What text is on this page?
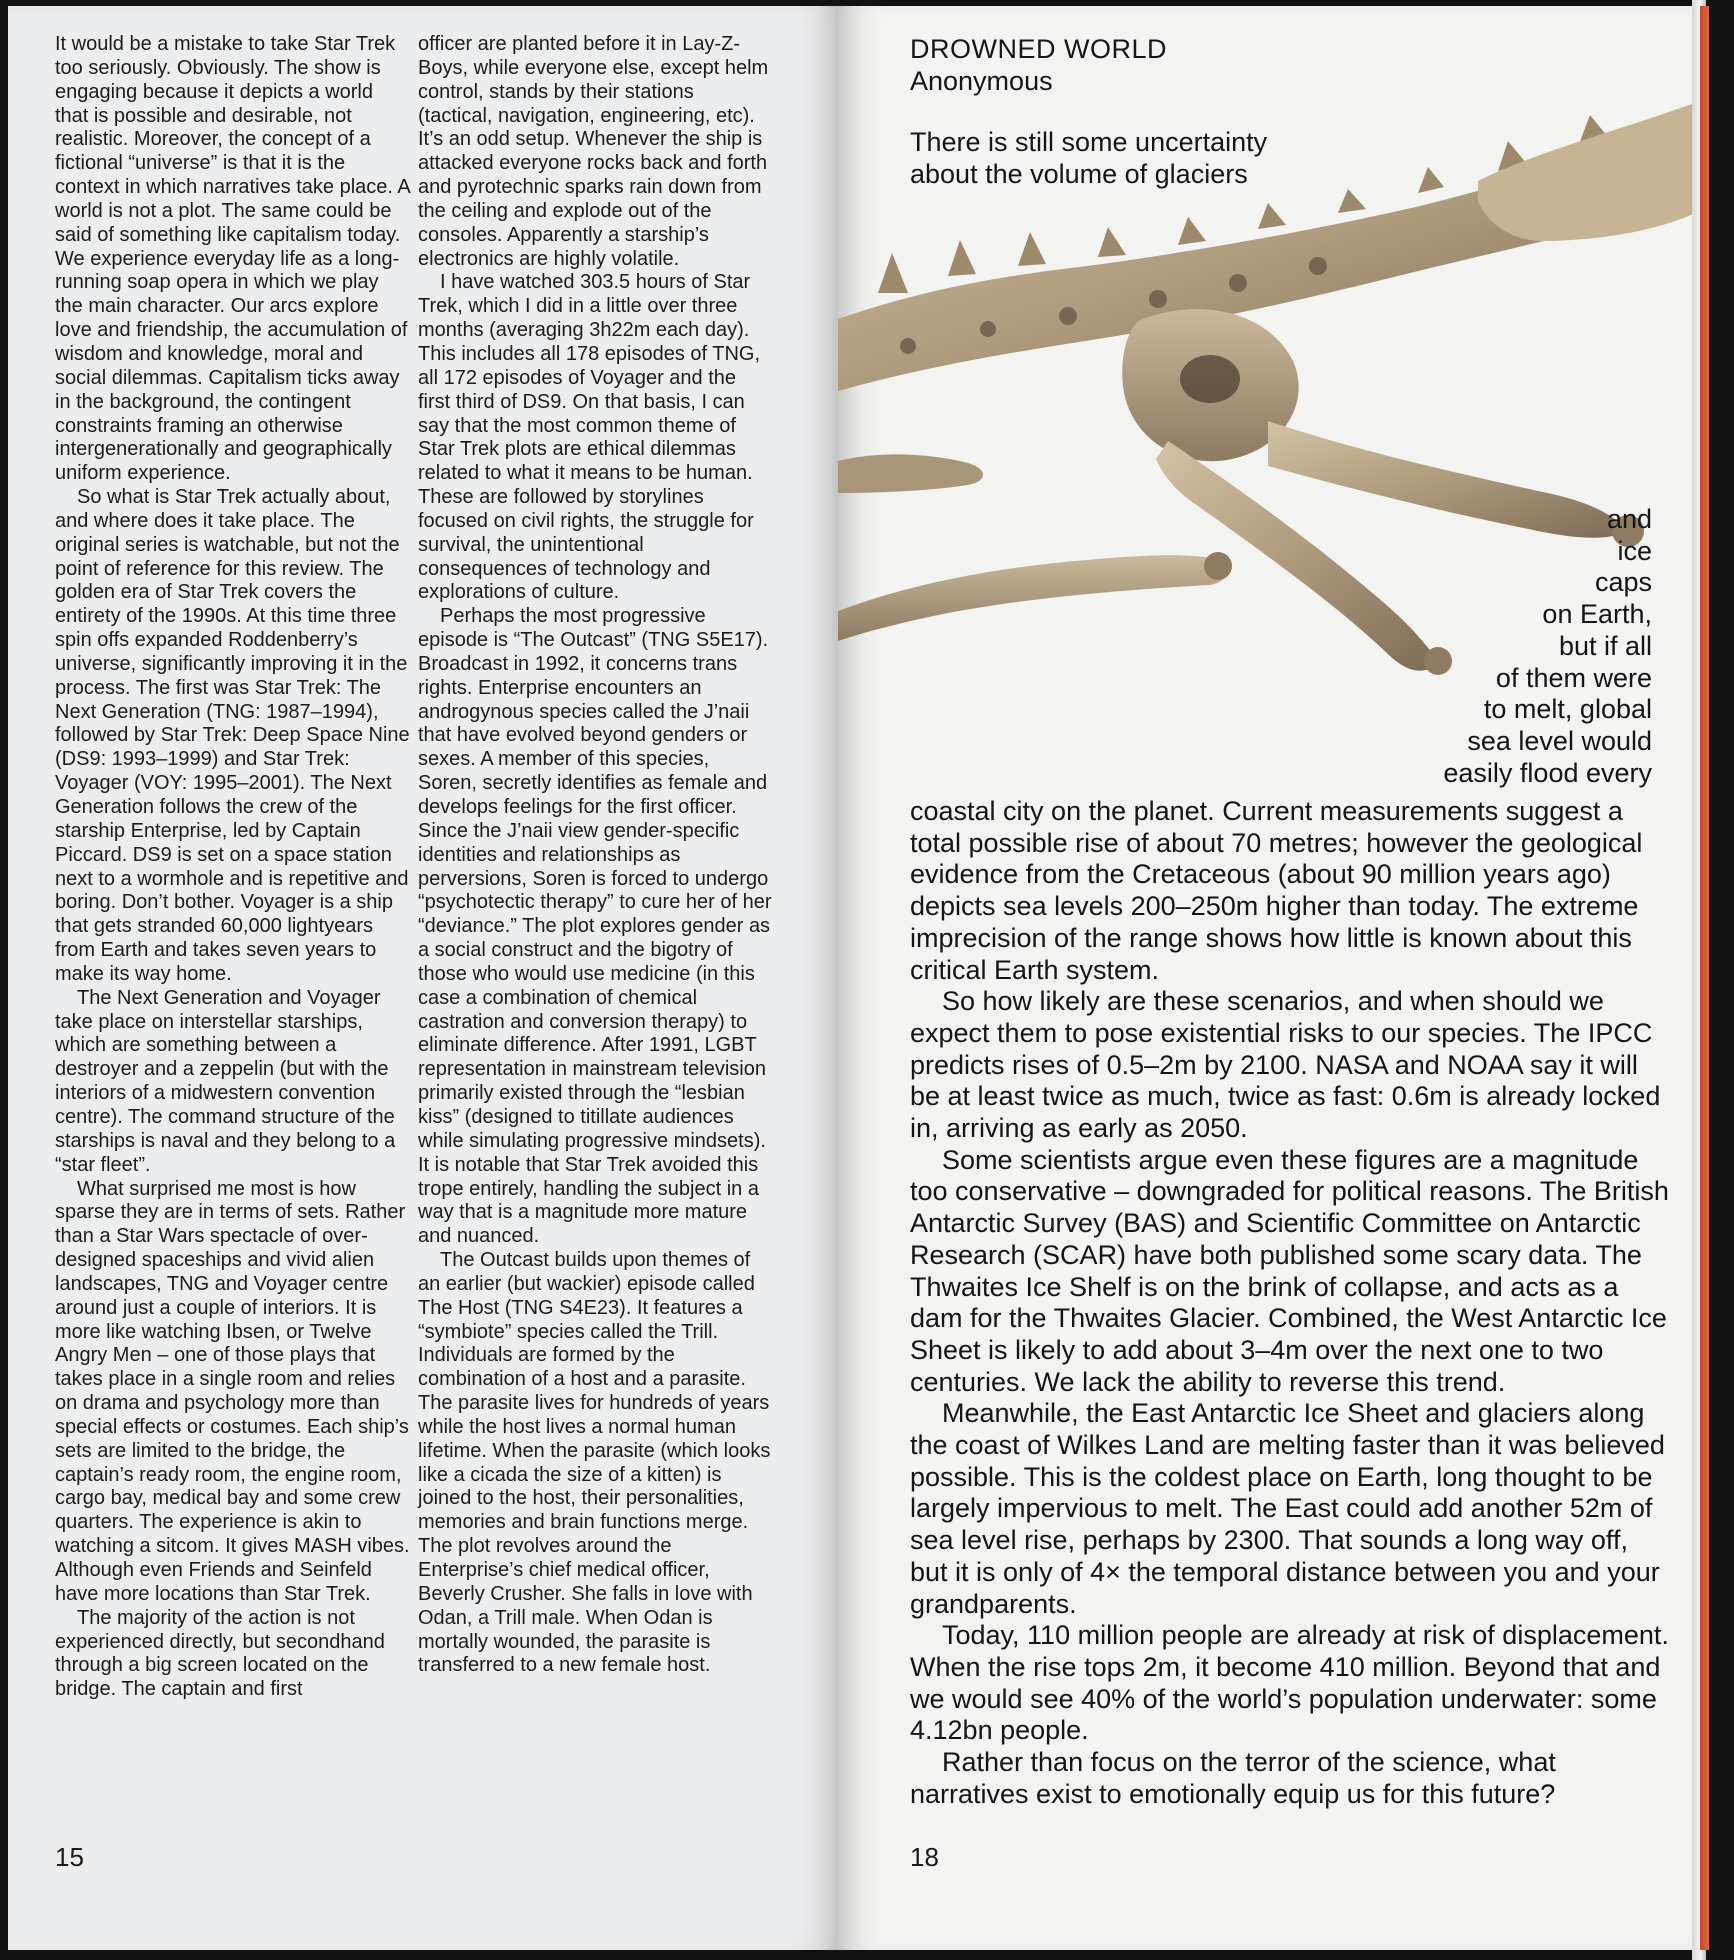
It would be a mistake to take Star Trek too seriously. Obviously. The show is engaging because it depicts a world that is possible and desirable, not realistic. Moreover, the concept of a fictional “universe” is that it is the context in which narratives take place. A world is not a plot. The same could be said of something like capitalism today. We experience everyday life as a long-running soap opera in which we play the main character. Our arcs explore love and friendship, the accumulation of wisdom and knowledge, moral and social dilemmas. Capitalism ticks away in the background, the contingent constraints framing an otherwise intergenerationally and geographically uniform experience.

So what is Star Trek actually about, and where does it take place. The original series is watchable, but not the point of reference for this review. The golden era of Star Trek covers the entirety of the 1990s. At this time three spin offs expanded Roddenberry’s universe, significantly improving it in the process. The first was Star Trek: The Next Generation (TNG: 1987–1994), followed by Star Trek: Deep Space Nine (DS9: 1993–1999) and Star Trek: Voyager (VOY: 1995–2001). The Next Generation follows the crew of the starship Enterprise, led by Captain Piccard. DS9 is set on a space station next to a wormhole and is repetitive and boring. Don’t bother. Voyager is a ship that gets stranded 60,000 lightyears from Earth and takes seven years to make its way home.

The Next Generation and Voyager take place on interstellar starships, which are something between a destroyer and a zeppelin (but with the interiors of a midwestern convention centre). The command structure of the starships is naval and they belong to a “star fleet”.

What surprised me most is how sparse they are in terms of sets. Rather than a Star Wars spectacle of over-designed spaceships and vivid alien landscapes, TNG and Voyager centre around just a couple of interiors. It is more like watching Ibsen, or Twelve Angry Men – one of those plays that takes place in a single room and relies on drama and psychology more than special effects or costumes. Each ship’s sets are limited to the bridge, the captain’s ready room, the engine room, cargo bay, medical bay and some crew quarters. The experience is akin to watching a sitcom. It gives MASH vibes. Although even Friends and Seinfeld have more locations than Star Trek.

The majority of the action is not experienced directly, but secondhand through a big screen located on the bridge. The captain and first

officer are planted before it in Lay-Z-Boys, while everyone else, except helm control, stands by their stations (tactical, navigation, engineering, etc). It’s an odd setup. Whenever the ship is attacked everyone rocks back and forth and pyrotechnic sparks rain down from the ceiling and explode out of the consoles. Apparently a starship’s electronics are highly volatile.

I have watched 303.5 hours of Star Trek, which I did in a little over three months (averaging 3h22m each day). This includes all 178 episodes of TNG, all 172 episodes of Voyager and the first third of DS9. On that basis, I can say that the most common theme of Star Trek plots are ethical dilemmas related to what it means to be human. These are followed by storylines focused on civil rights, the struggle for survival, the unintentional consequences of technology and explorations of culture.

Perhaps the most progressive episode is “The Outcast” (TNG S5E17). Broadcast in 1992, it concerns trans rights. Enterprise encounters an androgynous species called the J’naii that have evolved beyond genders or sexes. A member of this species, Soren, secretly identifies as female and develops feelings for the first officer. Since the J’naii view gender-specific identities and relationships as perversions, Soren is forced to undergo “psychotectic therapy” to cure her of her “deviance.” The plot explores gender as a social construct and the bigotry of those who would use medicine (in this case a combination of chemical castration and conversion therapy) to eliminate difference. After 1991, LGBT representation in mainstream television primarily existed through the “lesbian kiss” (designed to titillate audiences while simulating progressive mindsets). It is notable that Star Trek avoided this trope entirely, handling the subject in a way that is a magnitude more mature and nuanced.

The Outcast builds upon themes of an earlier (but wackier) episode called The Host (TNG S4E23). It features a “symbiote” species called the Trill. Individuals are formed by the combination of a host and a parasite. The parasite lives for hundreds of years while the host lives a normal human lifetime. When the parasite (which looks like a cicada the size of a kitten) is joined to the host, their personalities, memories and brain functions merge. The plot revolves around the Enterprise’s chief medical officer, Beverly Crusher. She falls in love with Odan, a Trill male. When Odan is mortally wounded, the parasite is transferred to a new female host.

15
DROWNED WORLD
Anonymous

There is still some uncertainty about the volume of glaciers

and
ice
caps
on Earth,
but if all
of them were
to melt, global
sea level would
easily flood every

coastal city on the planet. Current measurements suggest a total possible rise of about 70 metres; however the geological evidence from the Cretaceous (about 90 million years ago) depicts sea levels 200–250m higher than today. The extreme imprecision of the range shows how little is known about this critical Earth system.

So how likely are these scenarios, and when should we expect them to pose existential risks to our species. The IPCC predicts rises of 0.5–2m by 2100. NASA and NOAA say it will be at least twice as much, twice as fast: 0.6m is already locked in, arriving as early as 2050.

Some scientists argue even these figures are a magnitude too conservative – downgraded for political reasons. The British Antarctic Survey (BAS) and Scientific Committee on Antarctic Research (SCAR) have both published some scary data. The Thwaites Ice Shelf is on the brink of collapse, and acts as a dam for the Thwaites Glacier. Combined, the West Antarctic Ice Sheet is likely to add about 3–4m over the next one to two centuries. We lack the ability to reverse this trend.

Meanwhile, the East Antarctic Ice Sheet and glaciers along the coast of Wilkes Land are melting faster than it was believed possible. This is the coldest place on Earth, long thought to be largely impervious to melt. The East could add another 52m of sea level rise, perhaps by 2300. That sounds a long way off, but it is only of 4× the temporal distance between you and your grandparents.

Today, 110 million people are already at risk of displacement. When the rise tops 2m, it become 410 million. Beyond that and we would see 40% of the world’s population underwater: some 4.12bn people.

Rather than focus on the terror of the science, what narratives exist to emotionally equip us for this future?

18
